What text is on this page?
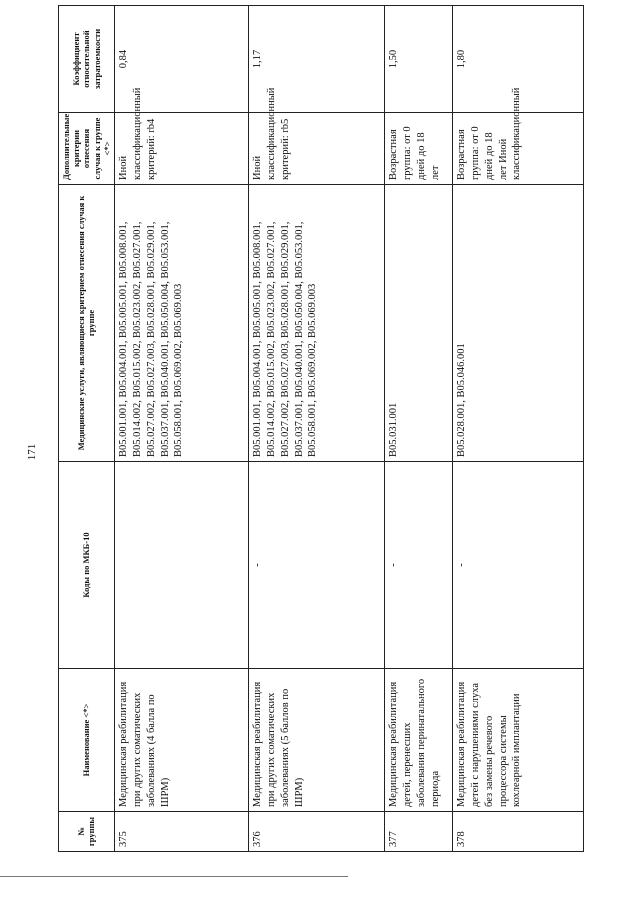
171
№ группы	Наименование <*>	Коды по МКБ-10	Медицинские услуги, являющиеся критерием отнесения случая к группе	Дополнительные критерии отнесения случая к группе <*>	Коэффициент относительной затратоемкости
375	Медицинская реабилитация при других соматических заболеваниях (4 балла по ШРМ)		B05.001.001, B05.004.001, B05.005.001, B05.008.001, B05.014.002, B05.015.002, B05.023.002, B05.027.001, B05.027.002, B05.027.003, B05.028.001, B05.029.001, B05.037.001, B05.040.001, B05.050.004, B05.053.001, B05.058.001, B05.069.002, B05.069.003	Иной классификационный критерий: rb4	0,84
376	Медицинская реабилитация при других соматических заболеваниях (5 баллов по ШРМ)	-	B05.001.001, B05.004.001, B05.005.001, B05.008.001, B05.014.002, B05.015.002, B05.023.002, B05.027.001, B05.027.002, B05.027.003, B05.028.001, B05.029.001, B05.037.001, B05.040.001, B05.050.004, B05.053.001, B05.058.001, B05.069.002, B05.069.003	Иной классификационный критерий: rb5	1,17
377	Медицинская реабилитация детей, перенесших заболевания перинатального периода	-	B05.031.001	Возрастная группа: от 0 дней до 18 лет	1,50
378	Медицинская реабилитация детей с нарушениями слуха без замены речевого процессора системы кохлеарной имплантации	-	B05.028.001, B05.046.001	Возрастная группа: от 0 дней до 18 лет Иной классификационный	1,80
